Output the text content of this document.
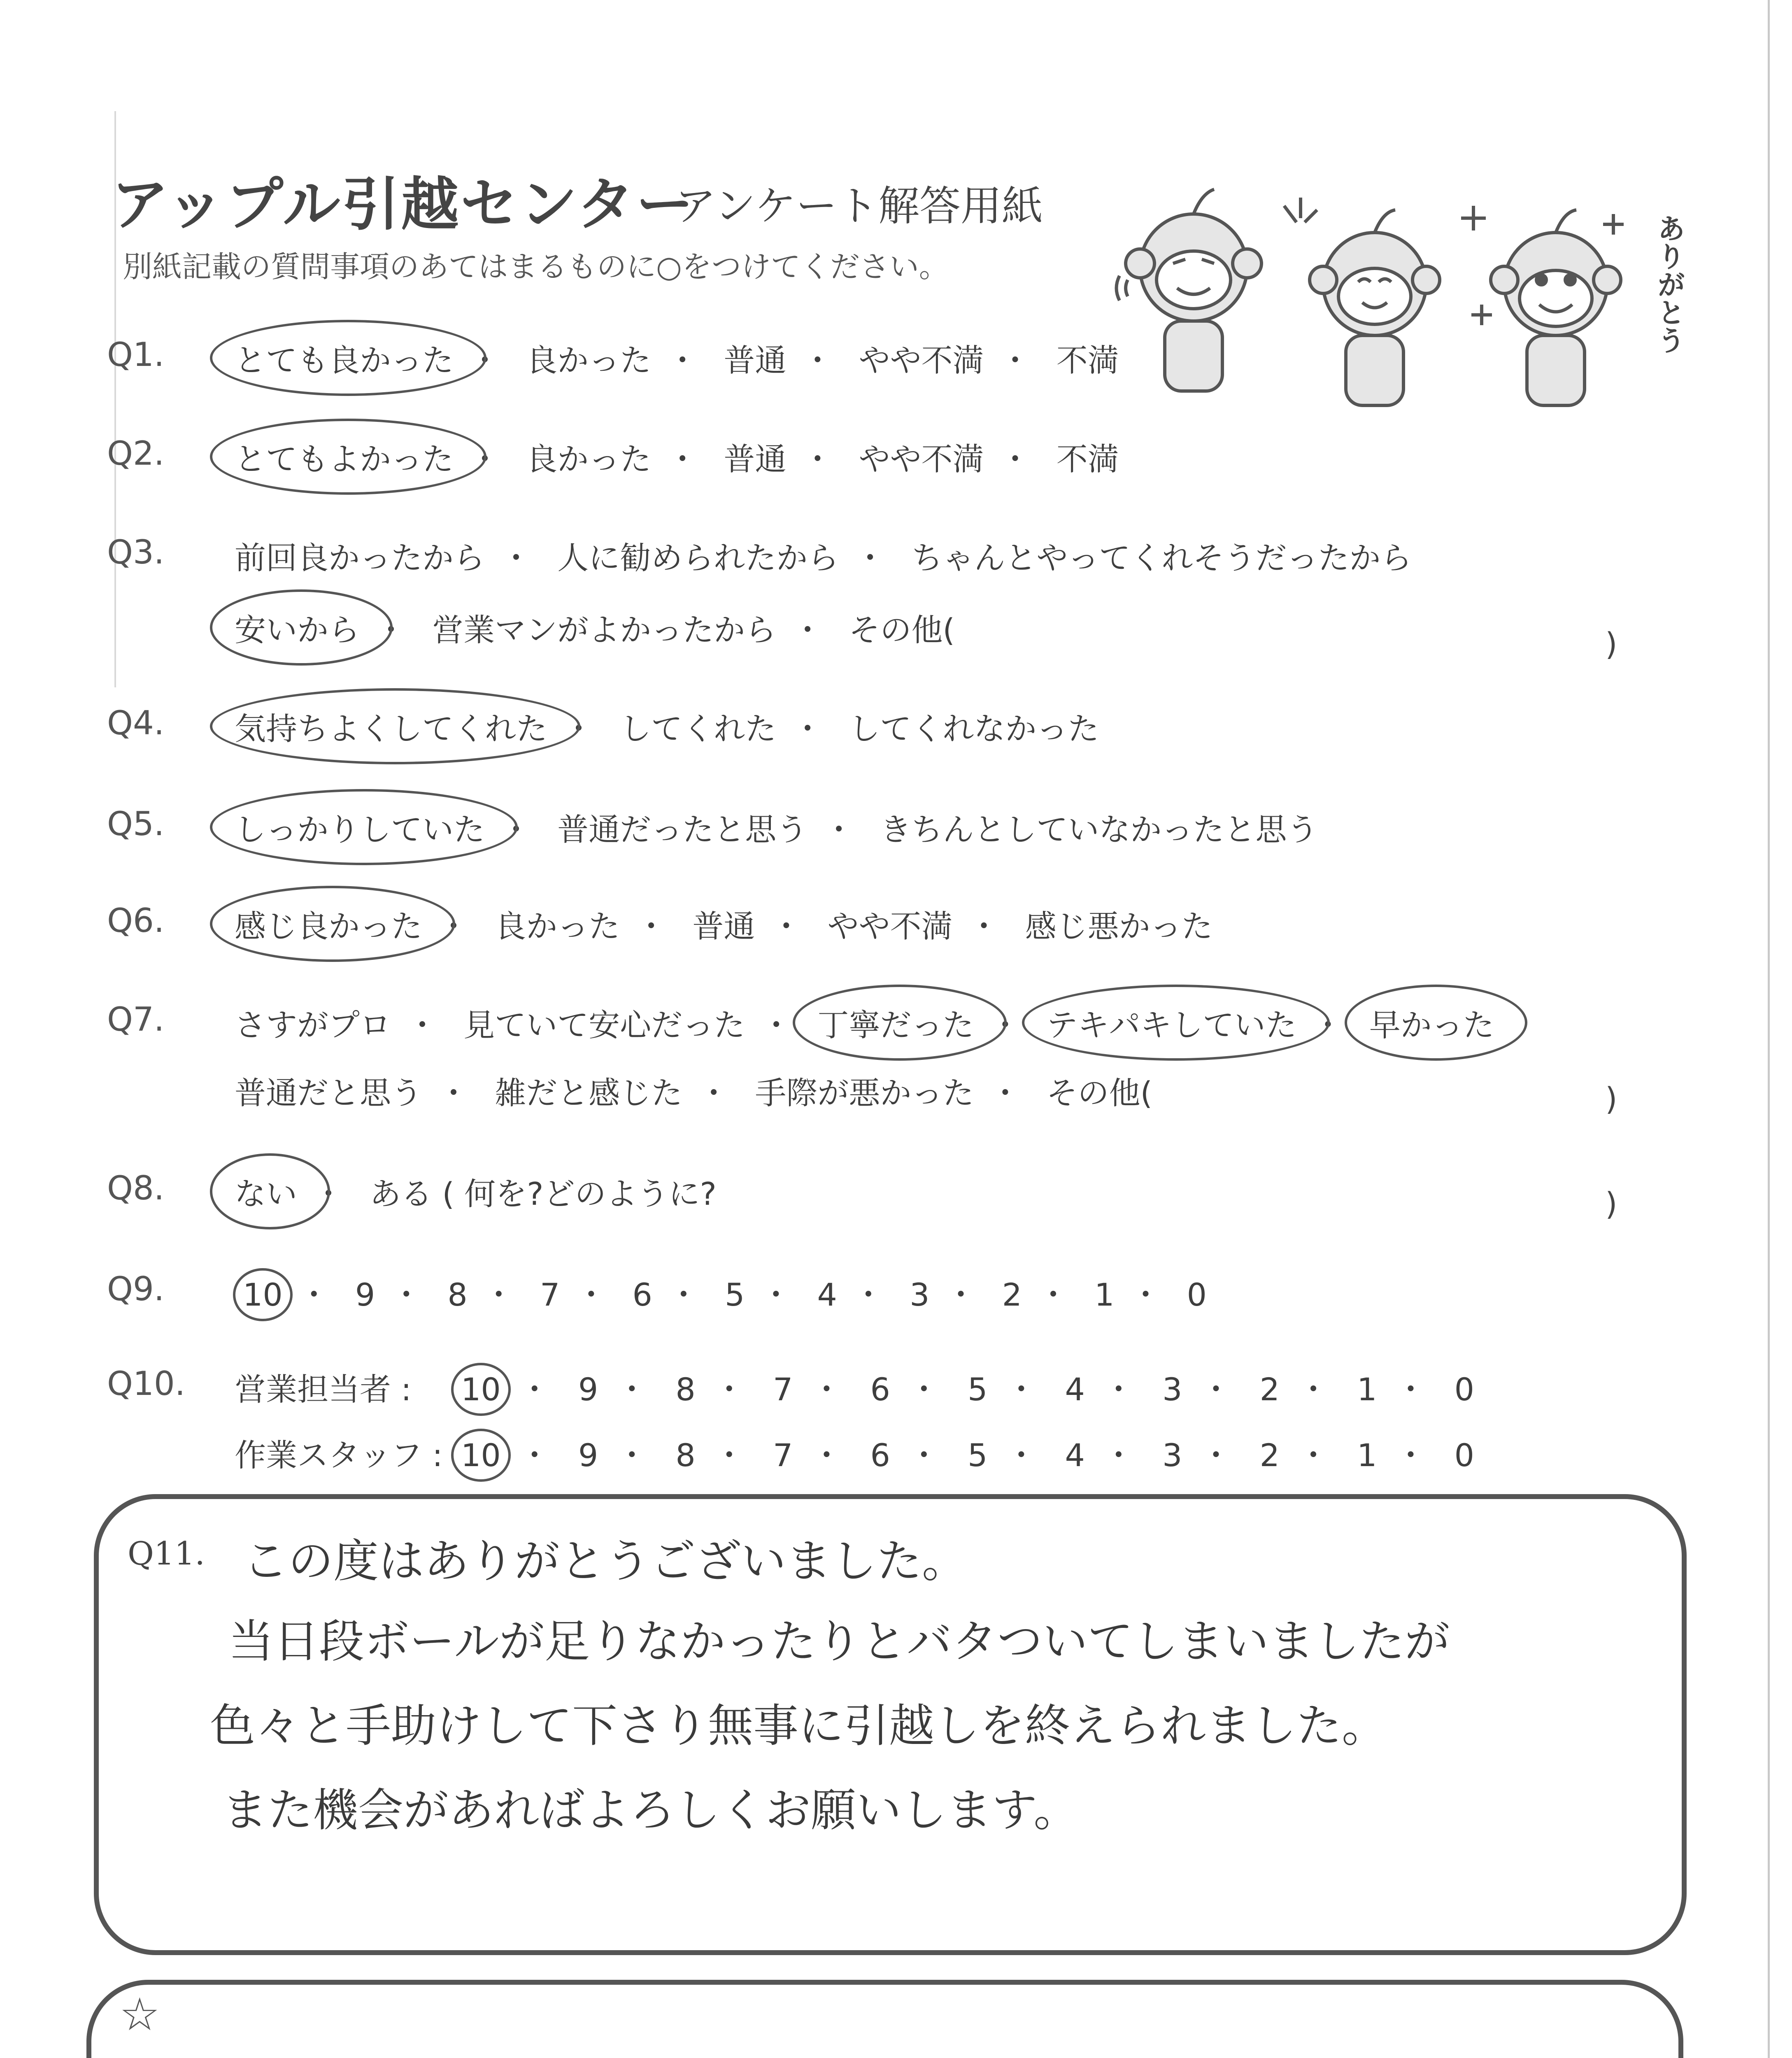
アップル引越センター
アンケート解答用紙
別紙記載の質問事項のあてはまるものに○をつけてください。	ありがとう
Q1. とても良かった ・ 良かった ・ 普通 ・ やや不満 ・ 不満
Q2. とてもよかった ・ 良かった ・ 普通 ・ やや不満 ・ 不満
Q3. 前回良かったから ・ 人に勧められたから ・ ちゃんとやってくれそうだったから
安いから ・ 営業マンがよかったから ・ その他(	)
Q4. 気持ちよくしてくれた ・ してくれた ・ してくれなかった
Q5. しっかりしていた ・ 普通だったと思う ・ きちんとしていなかったと思う
Q6. 感じ良かった ・ 良かった ・ 普通 ・ やや不満 ・ 感じ悪かった
Q7. さすがプロ ・ 見ていて安心だった ・ 丁寧だった ・ テキパキしていた ・ 早かった
普通だと思う ・ 雑だと感じた ・ 手際が悪かった ・ その他(	)
Q8. ない ・ ある ( 何を?どのように?	)
Q9.	10 ・ 9 ・ 8 ・ 7 ・ 6 ・ 5 ・ 4 ・ 3 ・ 2 ・ 1 ・ 0
Q10. 営業担当者 : 10 ・ 9 ・ 8 ・ 7 ・ 6 ・ 5 ・ 4 ・ 3 ・ 2 ・ 1 ・ 0
作業スタッフ : 10 ・ 9 ・ 8 ・ 7 ・ 6 ・ 5 ・ 4 ・ 3 ・ 2 ・ 1 ・ 0
Q11. この度はありがとうございました。
当日段ボールが足りなかったりとバタついてしまいましたが
色々と手助けして下さり無事に引越しを終えられました。
また機会があればよろしくお願いします。
☆
